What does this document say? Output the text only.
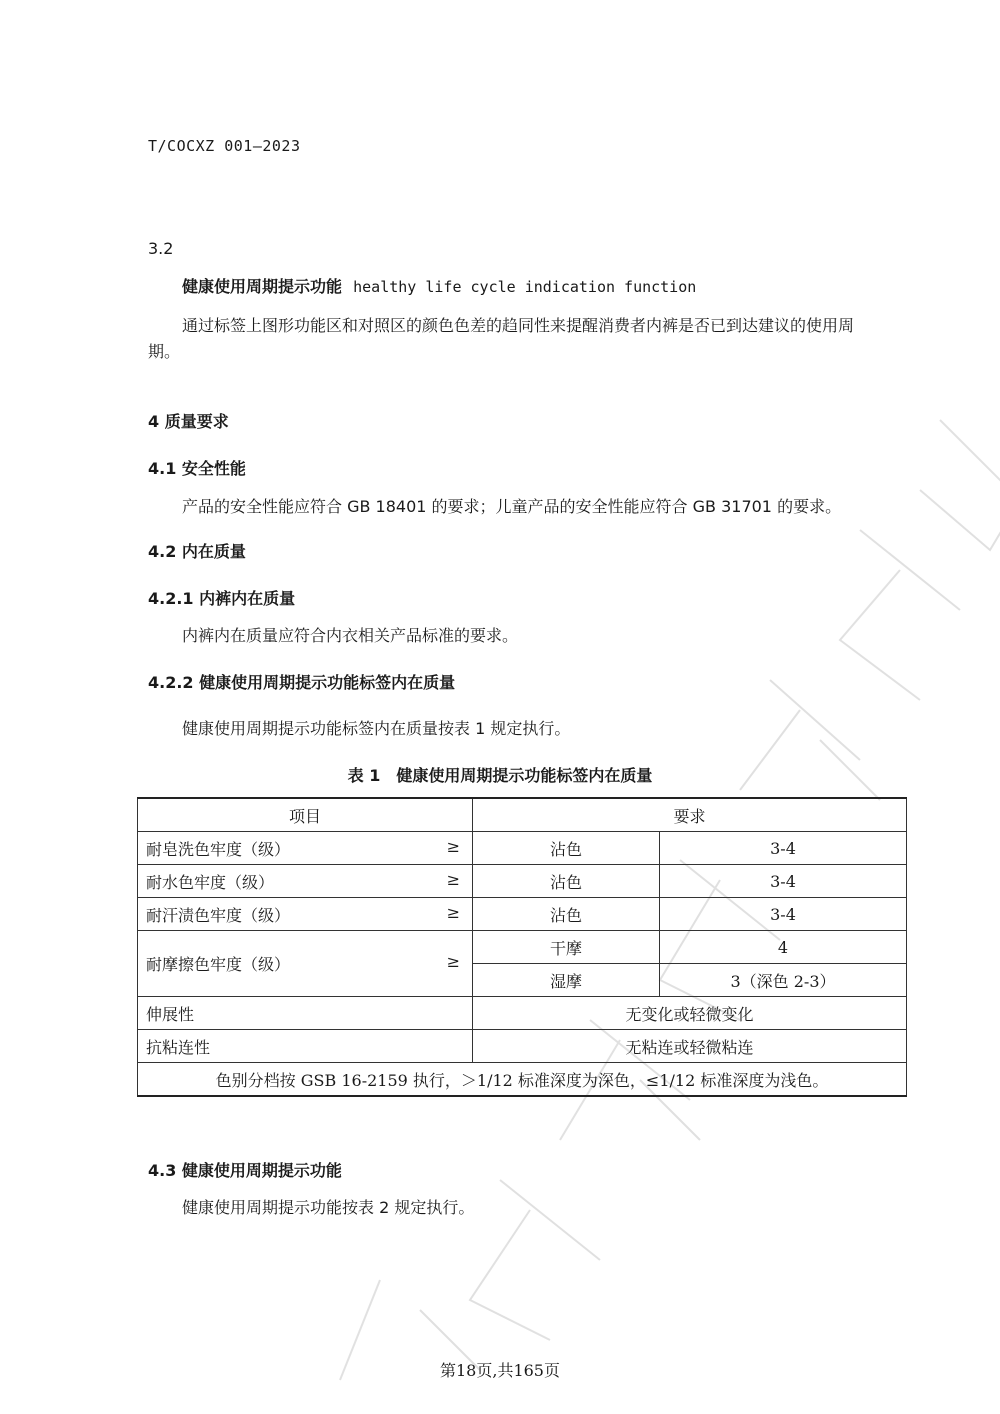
T/COCXZ 001—2023
3.2
健康使用周期提示功能 healthy life cycle indication function
通过标签上图形功能区和对照区的颜色色差的趋同性来提醒消费者内裤是否已到达建议的使用周
期。
4 质量要求
4.1 安全性能
产品的安全性能应符合 GB 18401 的要求；儿童产品的安全性能应符合 GB 31701 的要求。
4.2 内在质量
4.2.1 内裤内在质量
内裤内在质量应符合内衣相关产品标准的要求。
4.2.2 健康使用周期提示功能标签内在质量
健康使用周期提示功能标签内在质量按表 1 规定执行。
表 1　健康使用周期提示功能标签内在质量
项目	要求	
耐皂洗色牢度（级） ≥	沾色	3-4
耐水色牢度（级） ≥	沾色	3-4
耐汗渍色牢度（级） ≥	沾色	3-4
耐摩擦色牢度（级） ≥	干摩	4
	湿摩	3（深色 2-3）
伸展性	无变化或轻微变化	
抗粘连性	无粘连或轻微粘连	
色别分档按 GSB 16-2159 执行，＞1/12 标准深度为深色，≤1/12 标准深度为浅色。		
4.3 健康使用周期提示功能
健康使用周期提示功能按表 2 规定执行。
第18页,共165页
